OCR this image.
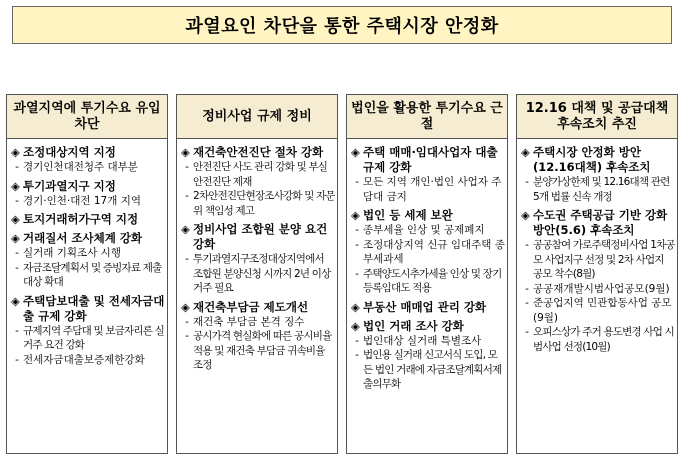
과열요인 차단을 통한 주택시장 안정화
과열지역에 투기수요 유입 차단
◈ 조정대상지역 지정
- 경기인천대전청주 대부분
◈ 투기과열지구 지정
- 경기·인천·대전 17개 지역
◈ 토지거래허가구역 지정
◈ 거래질서 조사체계 강화
- 실거래 기획조사 시행
- 자금조달계획서 및 증빙자료 제출 대상 확대
◈ 주택담보대출 및 전세자금대출 규제 강화
- 규제지역 주담대 및 보금자리론 실거주 요건 강화
- 전세자금대출보증제한강화
정비사업 규제 정비
◈ 재건축안전진단 절차 강화
- 안전진단 사도 관리 강화 및 부실안전진단 제재
- 2차안전진단현장조사강화 및 자문위 책임성 제고
◈ 정비사업 조합원 분양 요건 강화
- 투기과열지구조정대상지역에서 조합원 분양신청 시까지 2년 이상 거주 필요
◈ 재건축부담금 제도개선
- 재건축 부담금 본격 징수
- 공시가격 현실화에 따른 공시비율 적용 및 재건축 부담금 귀속비율 조정
법인을 활용한 투기수요 근절
◈ 주택 매매·임대사업자 대출규제 강화
- 모든 지역 개인·법인 사업자 주담대 금지
◈ 법인 등 세제 보완
- 종부세율 인상 및 공제폐지
- 조정대상지역 신규 임대주택 종부세과세
- 주택양도시추가세율 인상 및 장기등록임대도 적용
◈ 부동산 매매업 관리 강화
◈ 법인 거래 조사 강화
- 법인대상 실거래 특별조사
- 법인용 실거래 신고서식 도입, 모든 법인 거래에 자금조달계획서제출의무화
12.16 대책 및 공급대책 후속조치 추진
◈ 주택시장 안정화 방안 (12.16대책) 후속조치
- 분양가상한제 및 12.16대책 관련 5개 법률 신속 개정
◈ 수도권 주택공급 기반 강화방안(5.6) 후속조치
- 공공참여 가로주택정비사업 1차공모 사업지구 선정 및 2차 사업지 공모 착수(8월)
- 공공재개발시범사업공모(9월)
- 준공업지역 민관합동사업 공모(9월)
- 오피스상가 주거 용도변경 사업 시범사업 선정(10월)
